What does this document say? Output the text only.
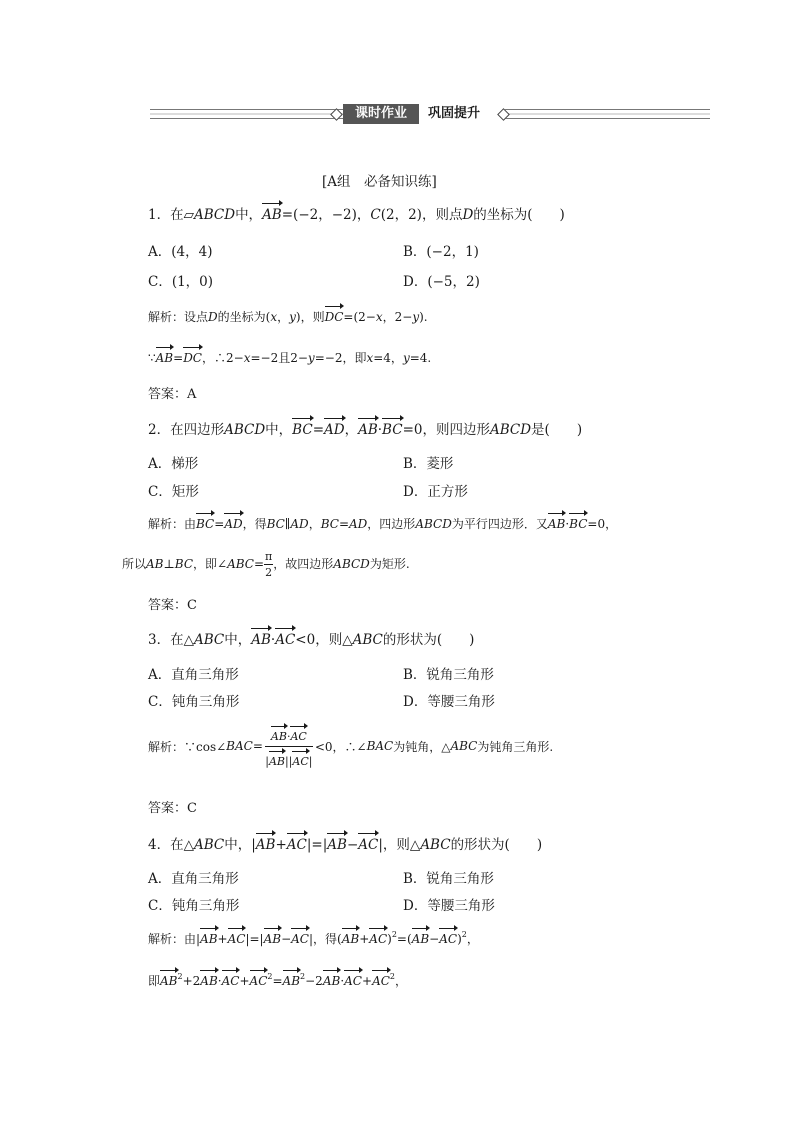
课时作业	巩固提升
[A组　必备知识练]
1．在▱ABCD中，AB=(−2，−2)，C(2，2)，则点D的坐标为(　　)
A．(4，4)	B．(−2，1)
C．(1，0)	D．(−5，2)
解析：设点D的坐标为(x，y)，则DC=(2−x，2−y).
∵AB=DC，∴2−x=−2且2−y=−2，即x=4，y=4.
答案：A
2．在四边形ABCD中，BC=AD，AB·BC=0，则四边形ABCD是(　　)
A．梯形	B．菱形
C．矩形	D．正方形
解析：由BC=AD，得BC∥AD，BC=AD，四边形ABCD为平行四边形．又AB·BC=0，
所以AB⊥BC，即∠ABC= $\frac{\pi}{2}$ ，故四边形ABCD为矩形.
答案：C
3．在△ABC中，AB·AC<0，则△ABC的形状为(　　)
A．直角三角形	B．锐角三角形
C．钝角三角形	D．等腰三角形
解析：∵cos∠BAC= $\frac{AB\cdot AC}{|AB||AC|} <0$，∴∠BAC为钝角，△ABC为钝角三角形.
答案：C
4．在△ABC中，|AB+AC|=|AB−AC|，则△ABC的形状为(　　)
A．直角三角形	B．锐角三角形
C．钝角三角形	D．等腰三角形
解析：由|AB+AC|=|AB−AC|，得$(AB+AC)^2=(AB-AC)^2$，
即$AB^2+2AB\cdot AC+AC^2=AB^2-2AB\cdot AC+AC^2$，
